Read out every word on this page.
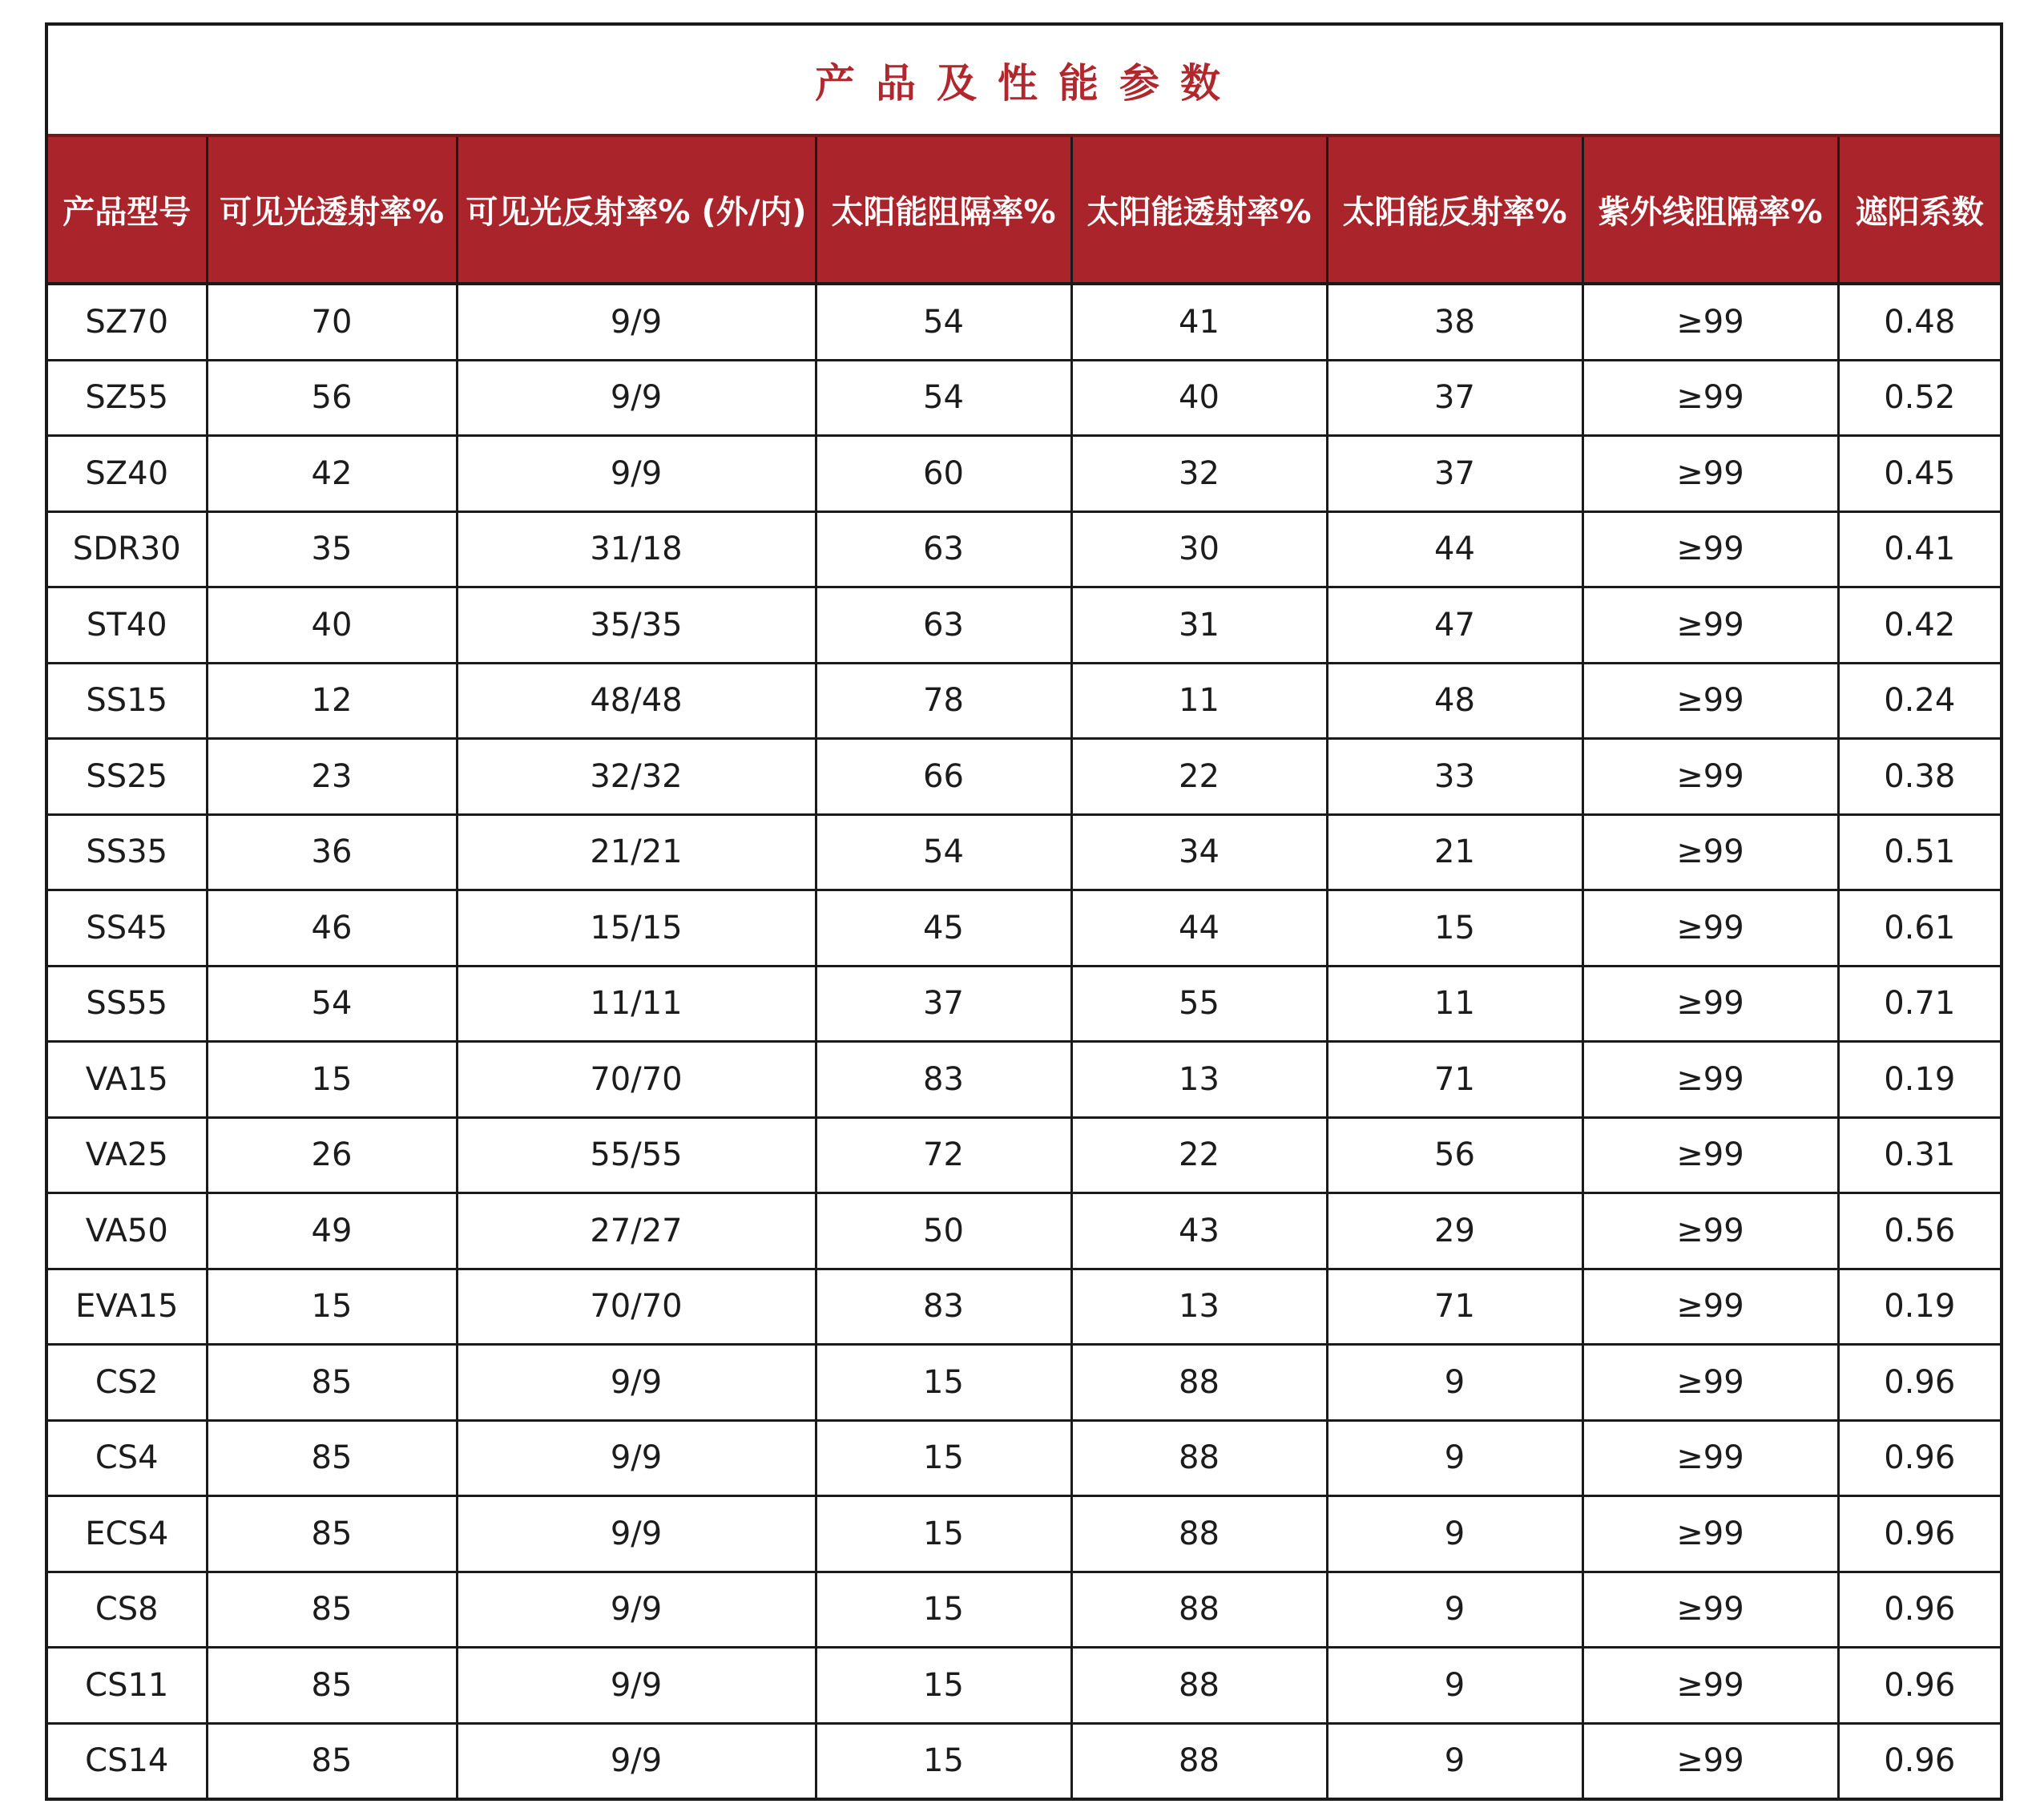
产品及性能参数
产品型号	可见光透射率%	可见光反射率% (外/内)	太阳能阻隔率%	太阳能透射率%	太阳能反射率%	紫外线阻隔率%	遮阳系数
SZ70	70	9/9	54	41	38	≥99	0.48
SZ55	56	9/9	54	40	37	≥99	0.52
SZ40	42	9/9	60	32	37	≥99	0.45
SDR30	35	31/18	63	30	44	≥99	0.41
ST40	40	35/35	63	31	47	≥99	0.42
SS15	12	48/48	78	11	48	≥99	0.24
SS25	23	32/32	66	22	33	≥99	0.38
SS35	36	21/21	54	34	21	≥99	0.51
SS45	46	15/15	45	44	15	≥99	0.61
SS55	54	11/11	37	55	11	≥99	0.71
VA15	15	70/70	83	13	71	≥99	0.19
VA25	26	55/55	72	22	56	≥99	0.31
VA50	49	27/27	50	43	29	≥99	0.56
EVA15	15	70/70	83	13	71	≥99	0.19
CS2	85	9/9	15	88	9	≥99	0.96
CS4	85	9/9	15	88	9	≥99	0.96
ECS4	85	9/9	15	88	9	≥99	0.96
CS8	85	9/9	15	88	9	≥99	0.96
CS11	85	9/9	15	88	9	≥99	0.96
CS14	85	9/9	15	88	9	≥99	0.96
